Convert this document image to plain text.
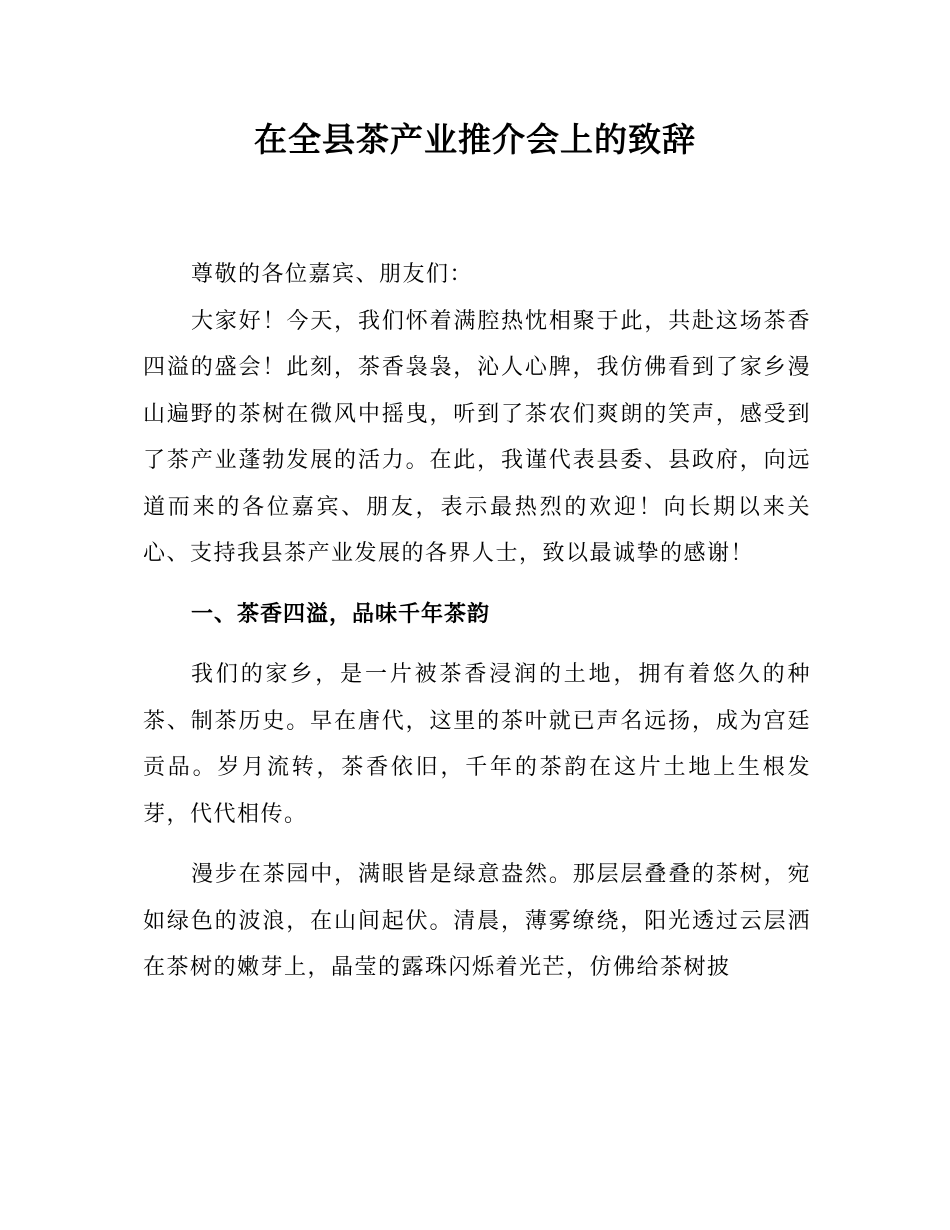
在全县茶产业推介会上的致辞

尊敬的各位嘉宾、朋友们：

大家好！今天，我们怀着满腔热忱相聚于此，共赴这场茶香四溢的盛会！此刻，茶香袅袅，沁人心脾，我仿佛看到了家乡漫山遍野的茶树在微风中摇曳，听到了茶农们爽朗的笑声，感受到了茶产业蓬勃发展的活力。在此，我谨代表县委、县政府，向远道而来的各位嘉宾、朋友，表示最热烈的欢迎！向长期以来关心、支持我县茶产业发展的各界人士，致以最诚挚的感谢！

一、茶香四溢，品味千年茶韵

我们的家乡，是一片被茶香浸润的土地，拥有着悠久的种茶、制茶历史。早在唐代，这里的茶叶就已声名远扬，成为宫廷贡品。岁月流转，茶香依旧，千年的茶韵在这片土地上生根发芽，代代相传。

漫步在茶园中，满眼皆是绿意盎然。那层层叠叠的茶树，宛如绿色的波浪，在山间起伏。清晨，薄雾缭绕，阳光透过云层洒在茶树的嫩芽上，晶莹的露珠闪烁着光芒，仿佛给茶树披
